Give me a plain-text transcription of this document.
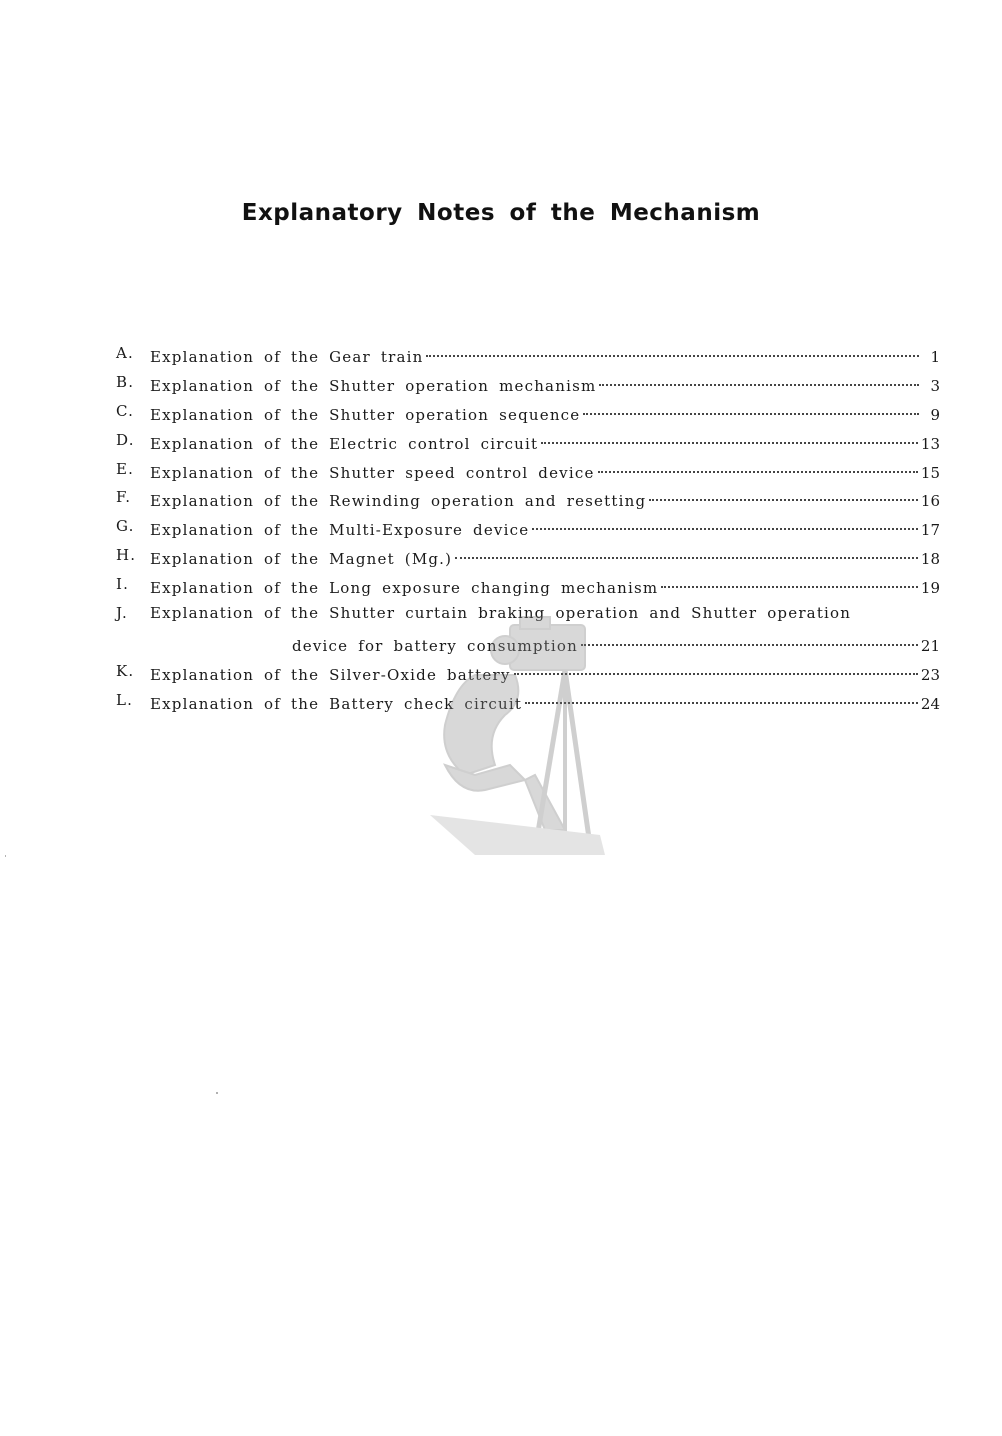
Explanatory Notes of the Mechanism
A.	Explanation of the Gear train	1
B.	Explanation of the Shutter operation mechanism	3
C.	Explanation of the Shutter operation sequence	9
D.	Explanation of the Electric control circuit	13
E.	Explanation of the Shutter speed control device	15
F.	Explanation of the Rewinding operation and resetting	16
G.	Explanation of the Multi-Exposure device	17
H. Explanation of the Magnet (Mg.)	18
I.	Explanation of the Long exposure changing mechanism	19
J.	Explanation of the Shutter curtain braking operation and Shutter operation
device for battery consumption	21
K.	Explanation of the Silver-Oxide battery	23
L.	Explanation of the Battery check circuit	24
